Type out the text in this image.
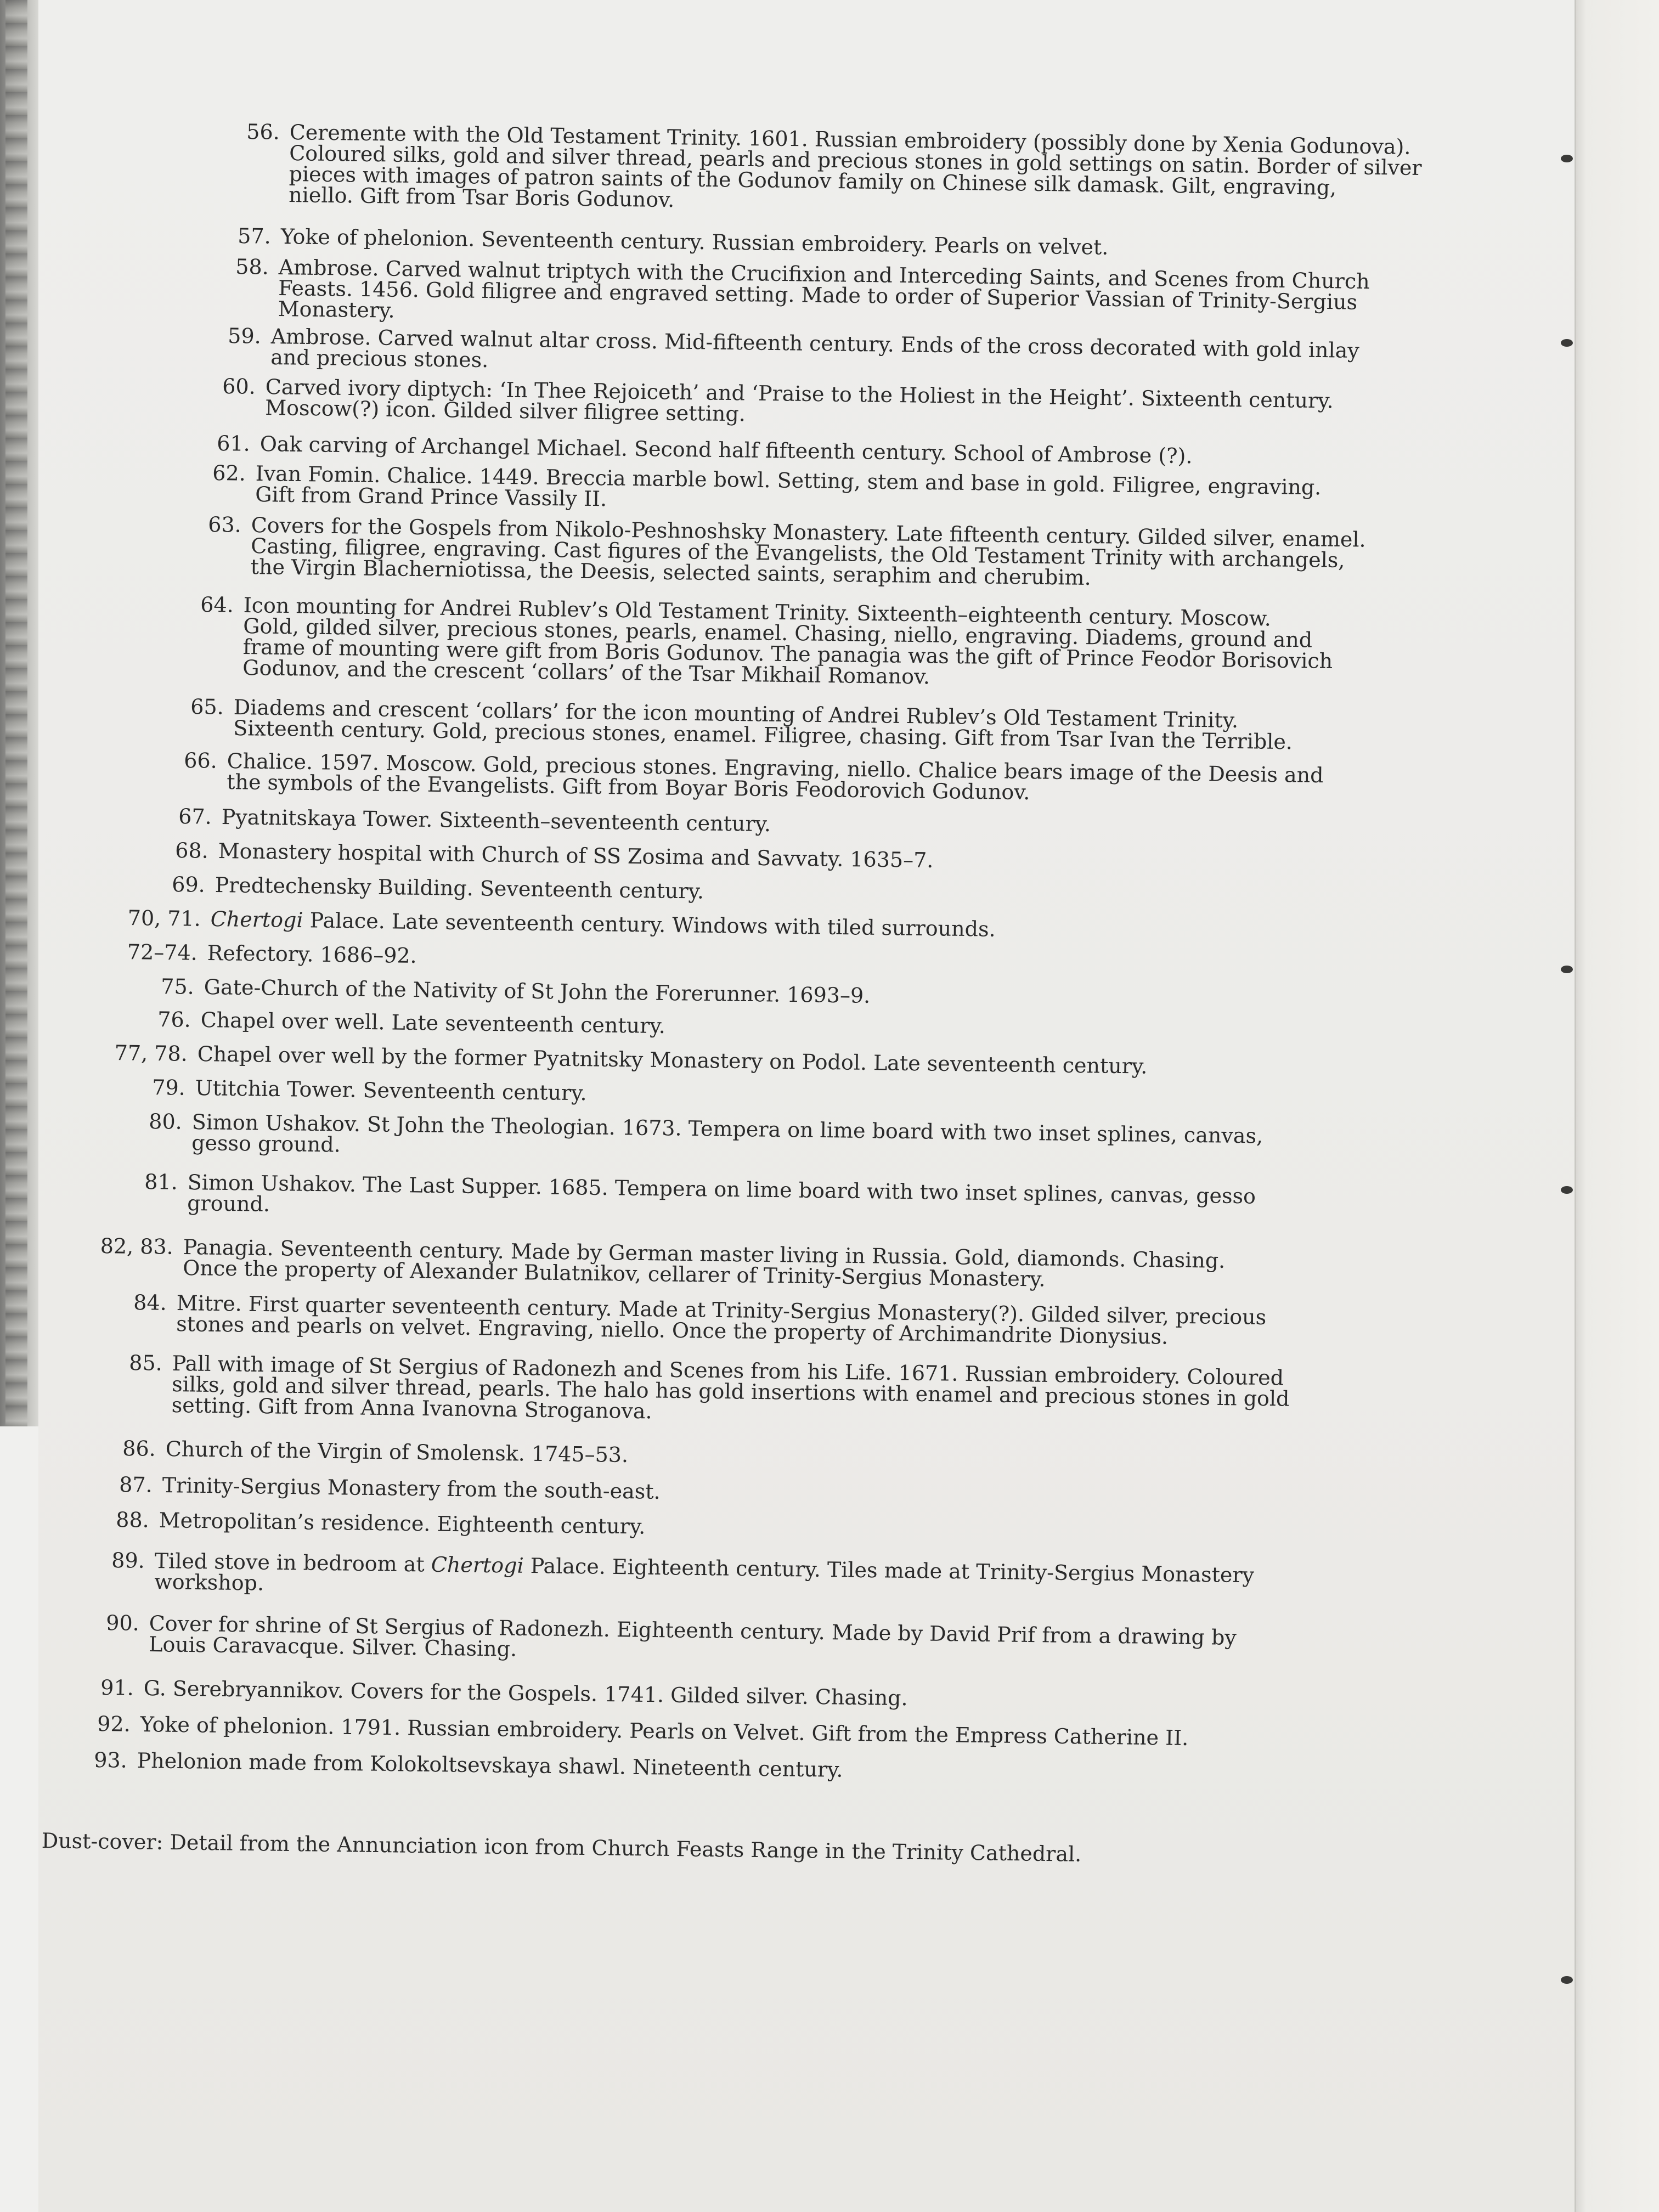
56. Ceremente with the Old Testament Trinity. 1601. Russian embroidery (possibly done by Xenia Godunova).
Coloured silks, gold and silver thread, pearls and precious stones in gold settings on satin. Border of silver
pieces with images of patron saints of the Godunov family on Chinese silk damask. Gilt, engraving,
niello. Gift from Tsar Boris Godunov.
57. Yoke of phelonion. Seventeenth century. Russian embroidery. Pearls on velvet.
58. Ambrose. Carved walnut triptych with the Crucifixion and Interceding Saints, and Scenes from Church
Feasts. 1456. Gold filigree and engraved setting. Made to order of Superior Vassian of Trinity-Sergius
Monastery.
59. Ambrose. Carved walnut altar cross. Mid-fifteenth century. Ends of the cross decorated with gold inlay
and precious stones.
60. Carved ivory diptych: ‘In Thee Rejoiceth’ and ‘Praise to the Holiest in the Height’. Sixteenth century.
Moscow(?) icon. Gilded silver filigree setting.
61. Oak carving of Archangel Michael. Second half fifteenth century. School of Ambrose (?).
62. Ivan Fomin. Chalice. 1449. Breccia marble bowl. Setting, stem and base in gold. Filigree, engraving.
Gift from Grand Prince Vassily II.
63. Covers for the Gospels from Nikolo-Peshnoshsky Monastery. Late fifteenth century. Gilded silver, enamel.
Casting, filigree, engraving. Cast figures of the Evangelists, the Old Testament Trinity with archangels,
the Virgin Blacherniotissa, the Deesis, selected saints, seraphim and cherubim.
64. Icon mounting for Andrei Rublev’s Old Testament Trinity. Sixteenth–eighteenth century. Moscow.
Gold, gilded silver, precious stones, pearls, enamel. Chasing, niello, engraving. Diadems, ground and
frame of mounting were gift from Boris Godunov. The panagia was the gift of Prince Feodor Borisovich
Godunov, and the crescent ‘collars’ of the Tsar Mikhail Romanov.
65. Diadems and crescent ‘collars’ for the icon mounting of Andrei Rublev’s Old Testament Trinity.
Sixteenth century. Gold, precious stones, enamel. Filigree, chasing. Gift from Tsar Ivan the Terrible.
66. Chalice. 1597. Moscow. Gold, precious stones. Engraving, niello. Chalice bears image of the Deesis and
the symbols of the Evangelists. Gift from Boyar Boris Feodorovich Godunov.
67. Pyatnitskaya Tower. Sixteenth–seventeenth century.
68. Monastery hospital with Church of SS Zosima and Savvaty. 1635–7.
69. Predtechensky Building. Seventeenth century.
70, 71. Chertogi Palace. Late seventeenth century. Windows with tiled surrounds.
72–74. Refectory. 1686–92.
75. Gate-Church of the Nativity of St John the Forerunner. 1693–9.
76. Chapel over well. Late seventeenth century.
77, 78. Chapel over well by the former Pyatnitsky Monastery on Podol. Late seventeenth century.
79. Utitchia Tower. Seventeenth century.
80. Simon Ushakov. St John the Theologian. 1673. Tempera on lime board with two inset splines, canvas,
gesso ground.
81. Simon Ushakov. The Last Supper. 1685. Tempera on lime board with two inset splines, canvas, gesso
ground.
82, 83. Panagia. Seventeenth century. Made by German master living in Russia. Gold, diamonds. Chasing.
Once the property of Alexander Bulatnikov, cellarer of Trinity-Sergius Monastery.
84. Mitre. First quarter seventeenth century. Made at Trinity-Sergius Monastery(?). Gilded silver, precious
stones and pearls on velvet. Engraving, niello. Once the property of Archimandrite Dionysius.
85. Pall with image of St Sergius of Radonezh and Scenes from his Life. 1671. Russian embroidery. Coloured
silks, gold and silver thread, pearls. The halo has gold insertions with enamel and precious stones in gold
setting. Gift from Anna Ivanovna Stroganova.
86. Church of the Virgin of Smolensk. 1745–53.
87. Trinity-Sergius Monastery from the south-east.
88. Metropolitan’s residence. Eighteenth century.
89. Tiled stove in bedroom at Chertogi Palace. Eighteenth century. Tiles made at Trinity-Sergius Monastery
workshop.
90. Cover for shrine of St Sergius of Radonezh. Eighteenth century. Made by David Prif from a drawing by
Louis Caravacque. Silver. Chasing.
91. G. Serebryannikov. Covers for the Gospels. 1741. Gilded silver. Chasing.
92. Yoke of phelonion. 1791. Russian embroidery. Pearls on Velvet. Gift from the Empress Catherine II.
93. Phelonion made from Kolokoltsevskaya shawl. Nineteenth century.
Dust-cover: Detail from the Annunciation icon from Church Feasts Range in the Trinity Cathedral.
